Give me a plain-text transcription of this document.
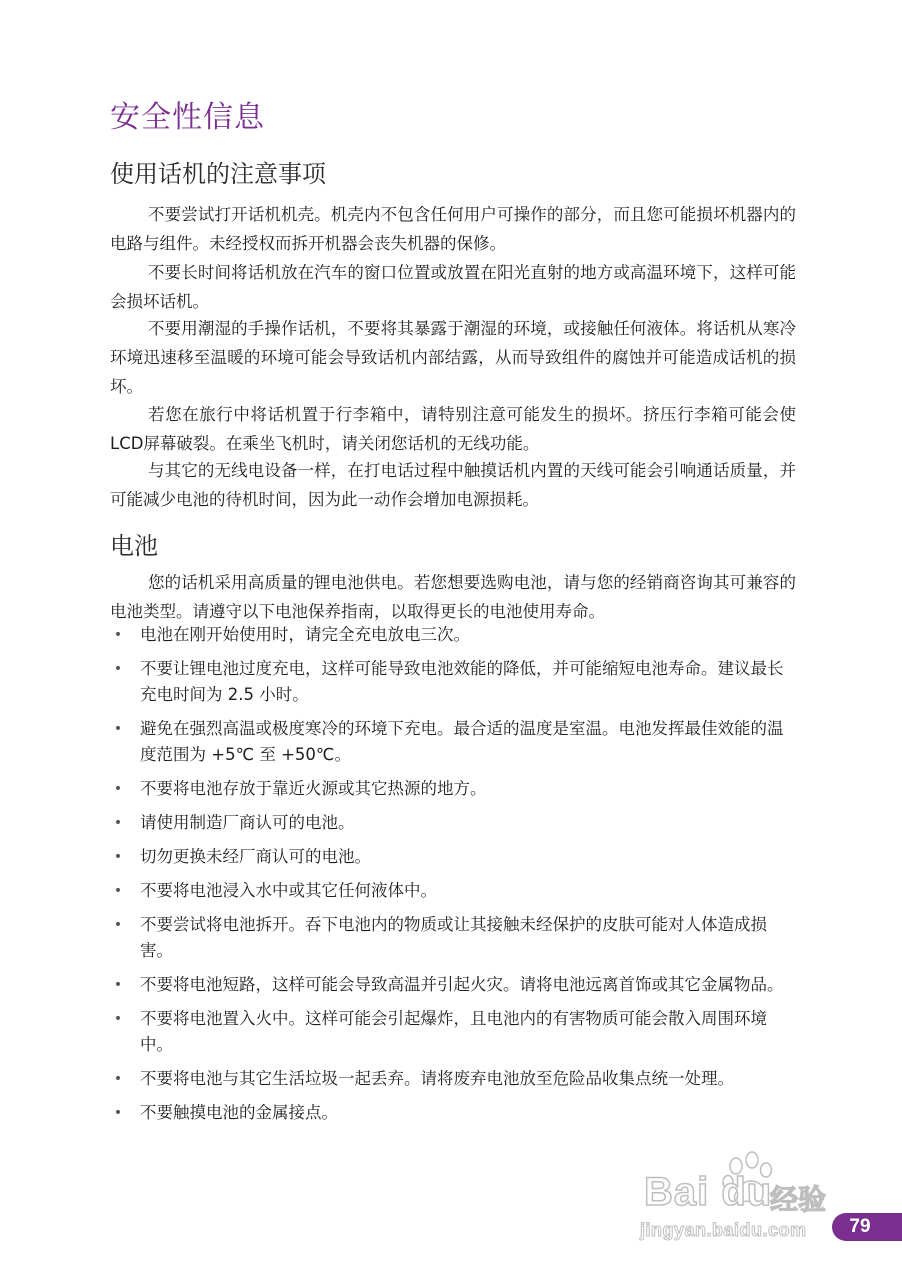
安全性信息
使用话机的注意事项

不要尝试打开话机机壳。机壳内不包含任何用户可操作的部分，而且您可能损坏机器内的电路与组件。未经授权而拆开机器会丧失机器的保修。

不要长时间将话机放在汽车的窗口位置或放置在阳光直射的地方或高温环境下，这样可能会损坏话机。

不要用潮湿的手操作话机，不要将其暴露于潮湿的环境，或接触任何液体。将话机从寒冷环境迅速移至温暖的环境可能会导致话机内部结露，从而导致组件的腐蚀并可能造成话机的损坏。

若您在旅行中将话机置于行李箱中，请特别注意可能发生的损坏。挤压行李箱可能会使LCD屏幕破裂。在乘坐飞机时，请关闭您话机的无线功能。

与其它的无线电设备一样，在打电话过程中触摸话机内置的天线可能会引响通话质量，并可能减少电池的待机时间，因为此一动作会增加电源损耗。

电池

您的话机采用高质量的锂电池供电。若您想要选购电池，请与您的经销商咨询其可兼容的电池类型。请遵守以下电池保养指南，以取得更长的电池使用寿命。

• 电池在刚开始使用时，请完全充电放电三次。
• 不要让锂电池过度充电，这样可能导致电池效能的降低，并可能缩短电池寿命。建议最长充电时间为 2.5 小时。
• 避免在强烈高温或极度寒冷的环境下充电。最合适的温度是室温。电池发挥最佳效能的温度范围为 +5℃ 至 +50℃。
• 不要将电池存放于靠近火源或其它热源的地方。
• 请使用制造厂商认可的电池。
• 切勿更换未经厂商认可的电池。
• 不要将电池浸入水中或其它任何液体中。
• 不要尝试将电池拆开。吞下电池内的物质或让其接触未经保护的皮肤可能对人体造成损害。
• 不要将电池短路，这样可能会导致高温并引起火灾。请将电池远离首饰或其它金属物品。
• 不要将电池置入火中。这样可能会引起爆炸，且电池内的有害物质可能会散入周围环境中。
• 不要将电池与其它生活垃圾一起丢弃。请将废弃电池放至危险品收集点统一处理。
• 不要触摸电池的金属接点。
Bai du
经验
jingyan.baidu.com	79
